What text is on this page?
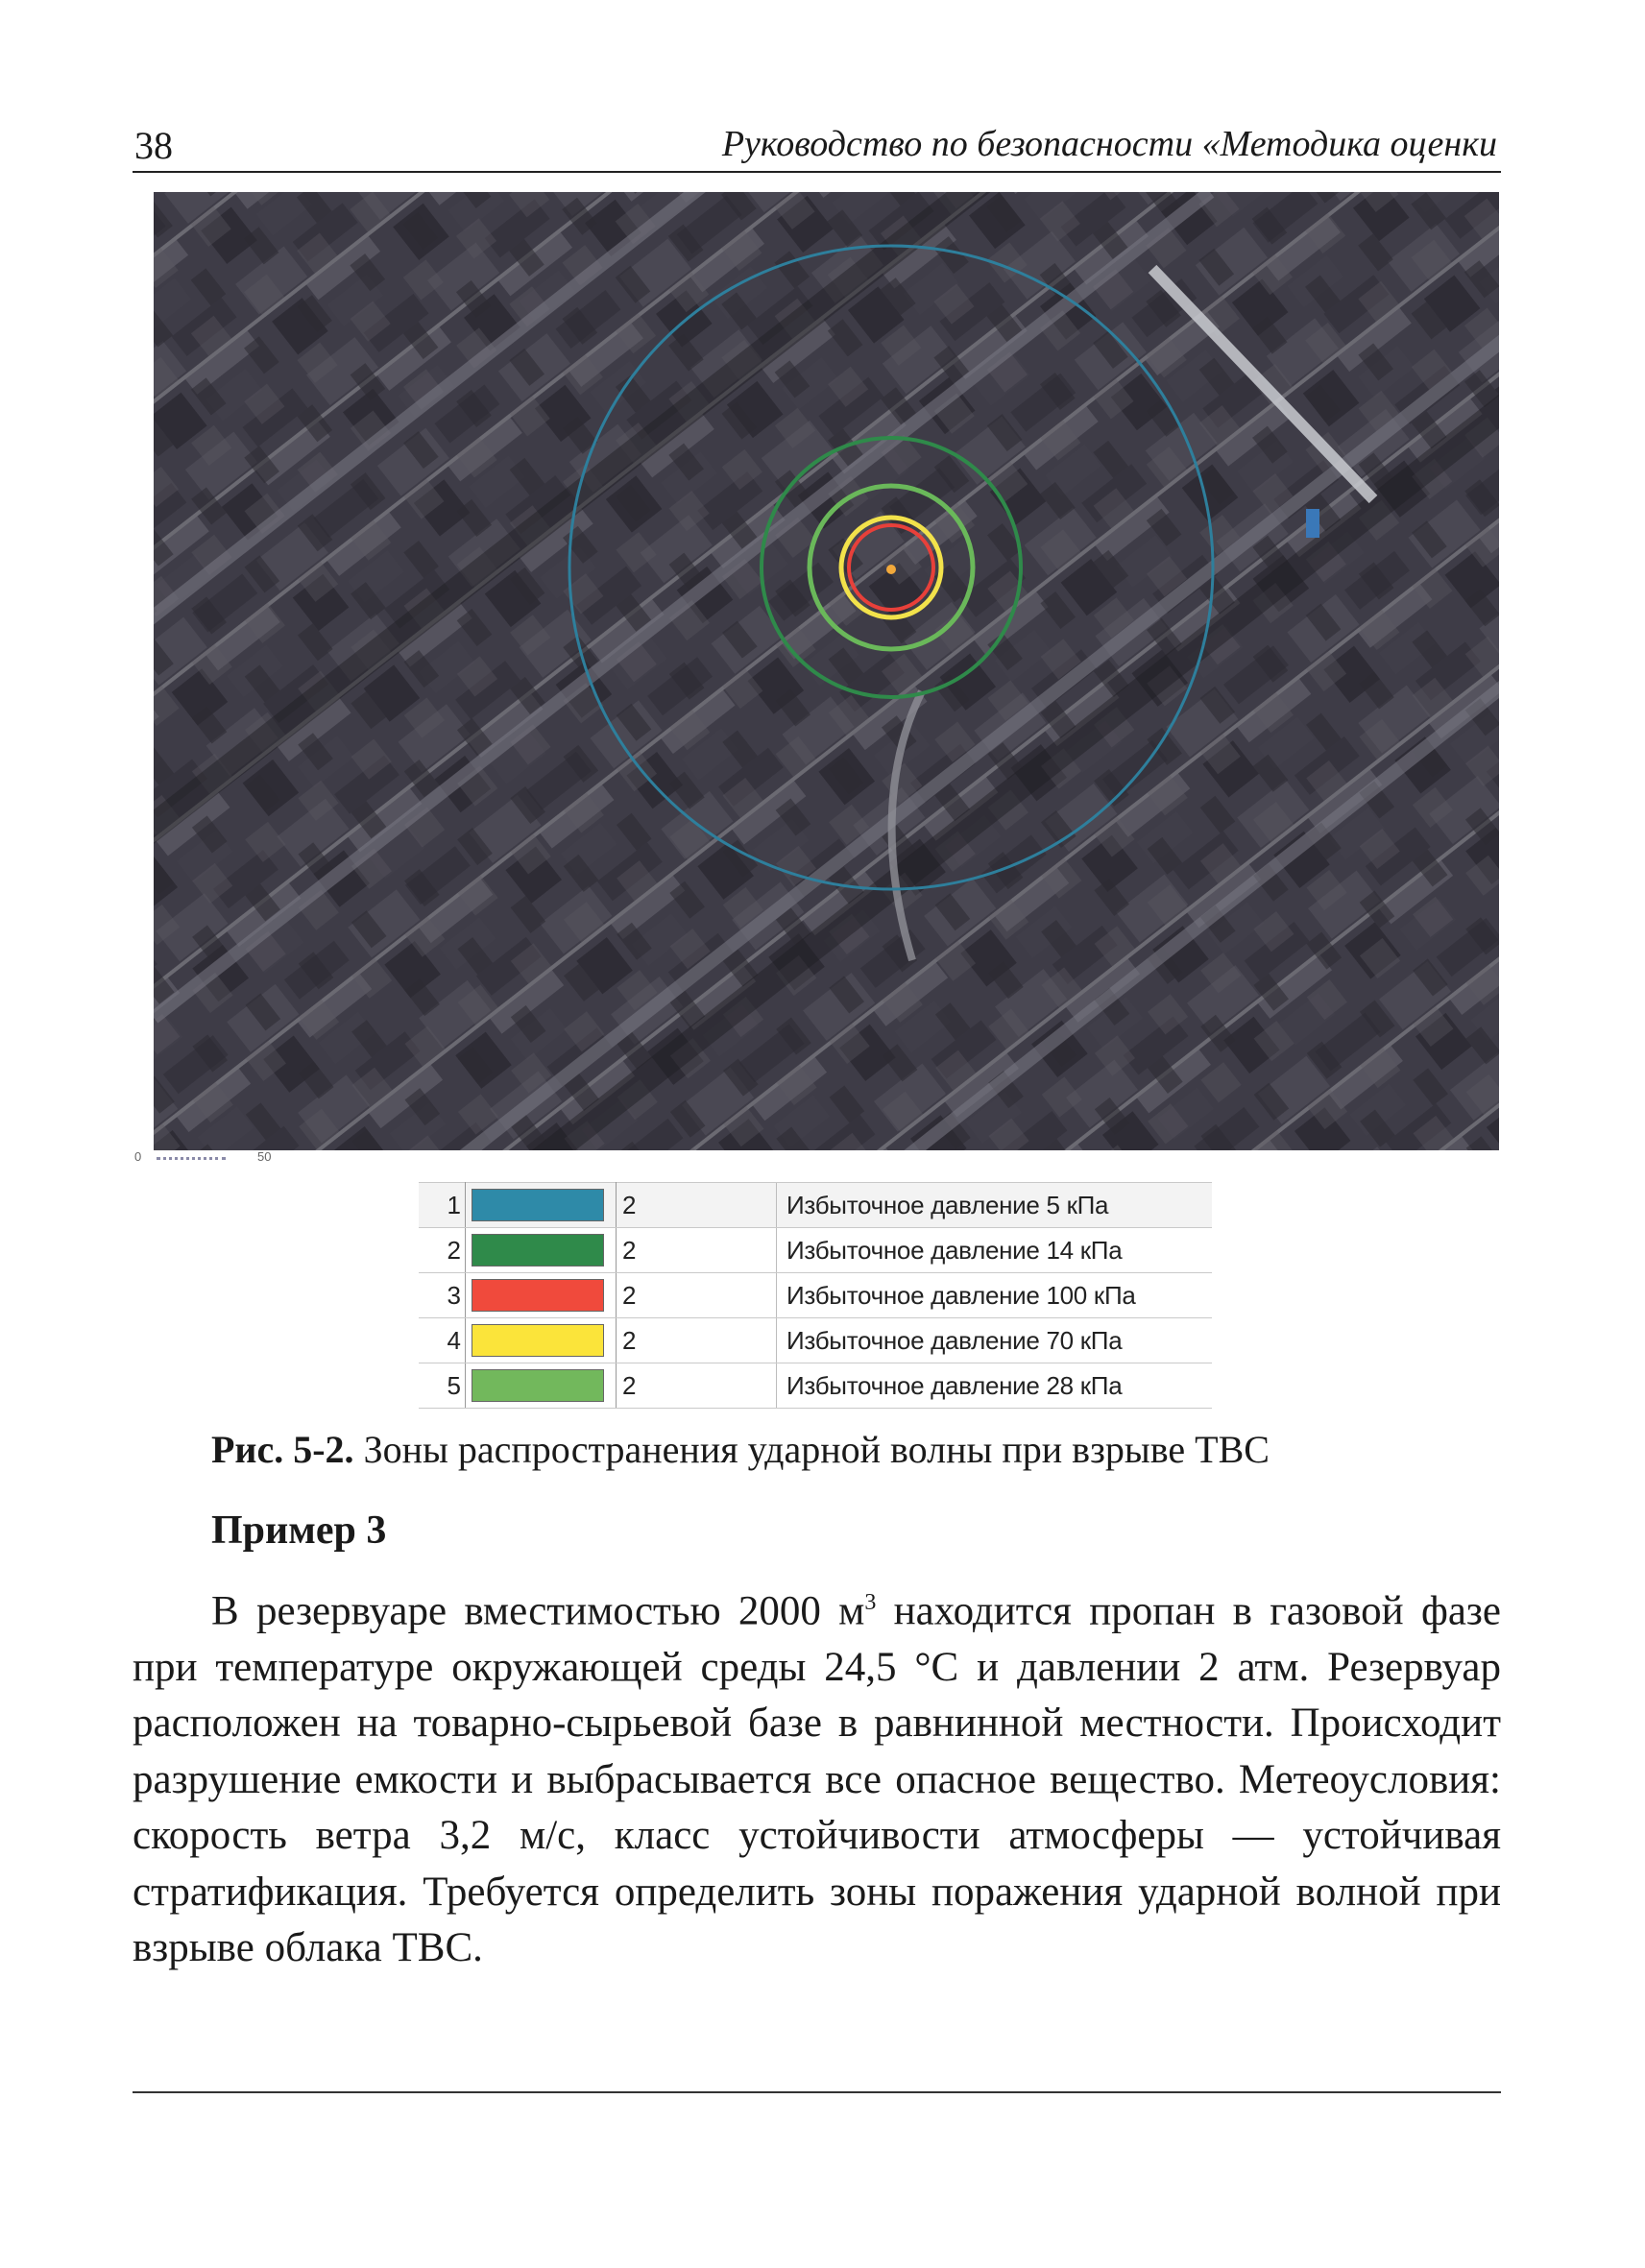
38	Руководство по безопасности «Методика оценки
0	50
1		2	Избыточное давление 5 кПа
2		2	Избыточное давление 14 кПа
3		2	Избыточное давление 100 кПа
4		2	Избыточное давление 70 кПа
5		2	Избыточное давление 28 кПа
Рис. 5-2. Зоны распространения ударной волны при взрыве ТВС
Пример 3

В резервуаре вместимостью 2000 $м^3$ находится пропан в газовой фазе при температуре окружающей среды 24,5 °С и давлении 2 атм. Резервуар расположен на товарно-сырьевой базе в равнинной местности. Происходит разрушение емкости и выбрасывается все опасное вещество. Метеоусловия: скорость ветра 3,2 м/с, класс устойчивости атмосферы — устойчивая стратификация. Требуется определить зоны поражения ударной волной при взрыве облака ТВС.
